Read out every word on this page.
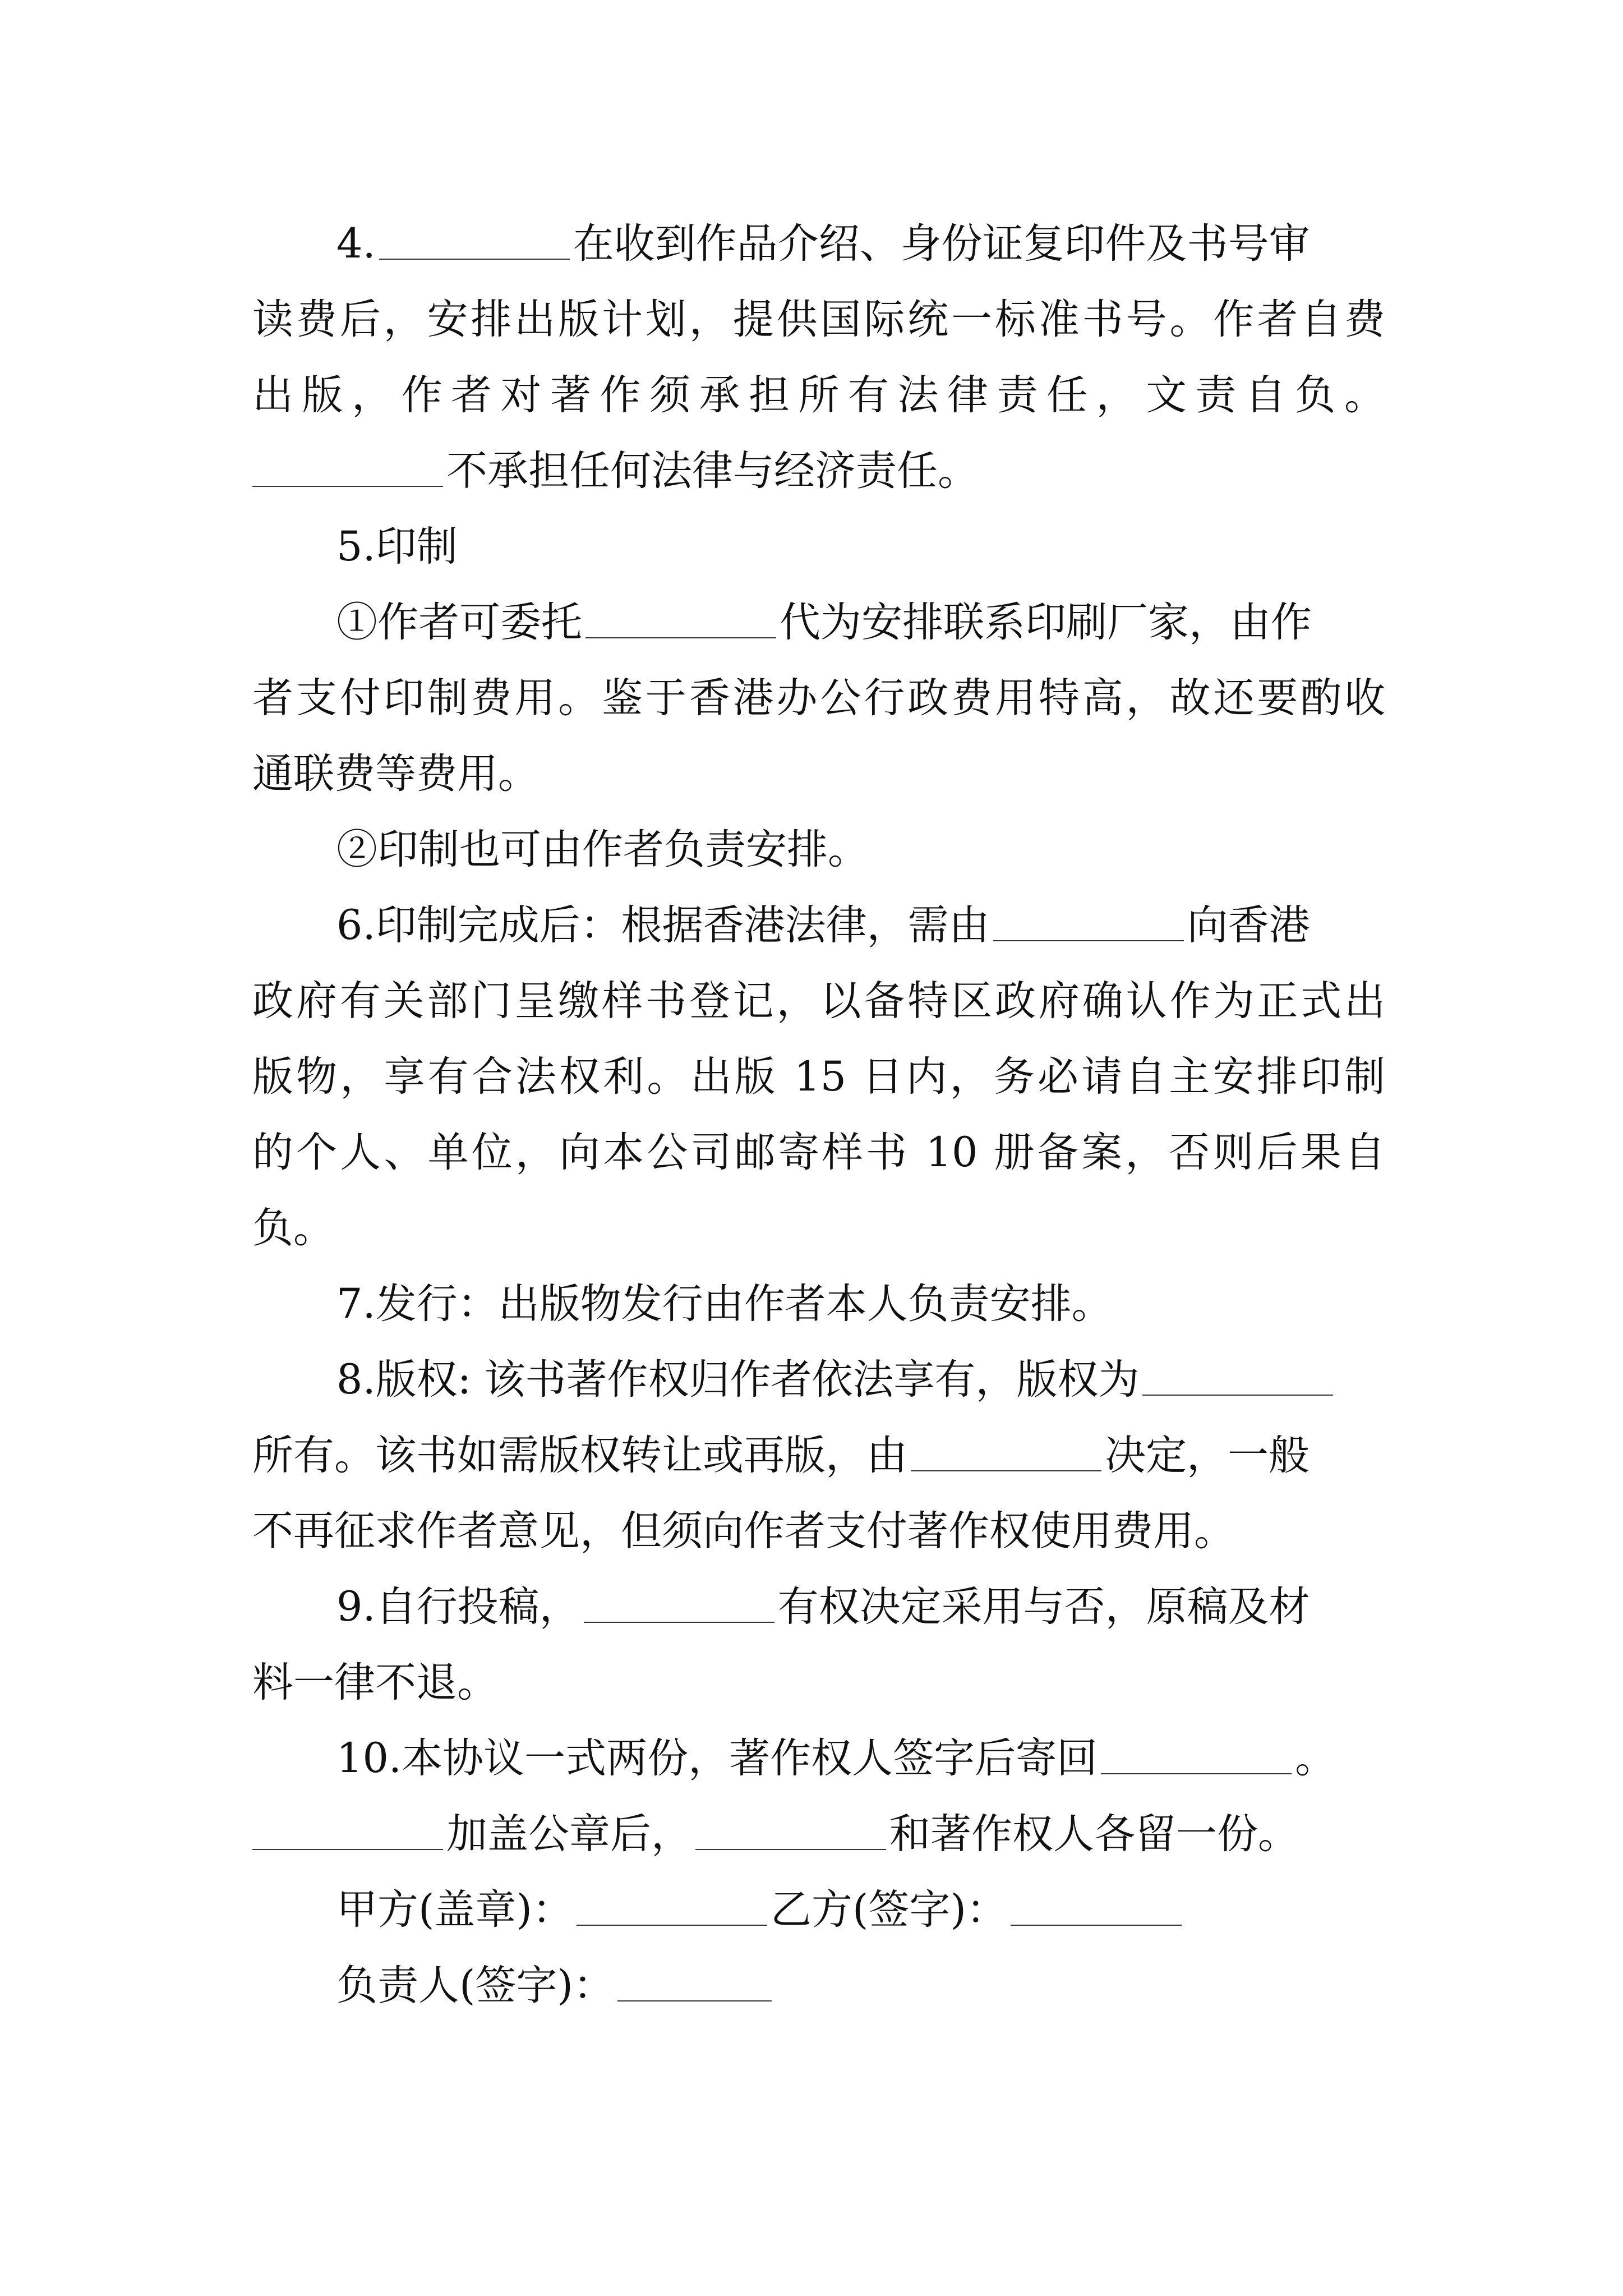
4.	在收到作品介绍、身份证复印件及书号审
读费后，安排出版计划，提供国际统一标准书号。作者自费
出版，作者对著作须承担所有法律责任，文责自负。
不承担任何法律与经济责任。
5.印制
①作者可委托	代为安排联系印刷厂家，由作
者支付印制费用。鉴于香港办公行政费用特高，故还要酌收
通联费等费用。
②印制也可由作者负责安排。
6.印制完成后：根据香港法律，需由	向香港
政府有关部门呈缴样书登记，以备特区政府确认作为正式出
版物，享有合法权利。出版 15 日内，务必请自主安排印制
的个人、单位，向本公司邮寄样书 10 册备案，否则后果自
负。
7.发行：出版物发行由作者本人负责安排。
8.版权: 该书著作权归作者依法享有，版权为
所有。该书如需版权转让或再版，由	决定，一般
不再征求作者意见，但须向作者支付著作权使用费用。
9.自行投稿，	有权决定采用与否，原稿及材
料一律不退。
10.本协议一式两份，著作权人签字后寄回	。
加盖公章后，	和著作权人各留一份。
甲方(盖章)：	乙方(签字)：
负责人(签字)：
